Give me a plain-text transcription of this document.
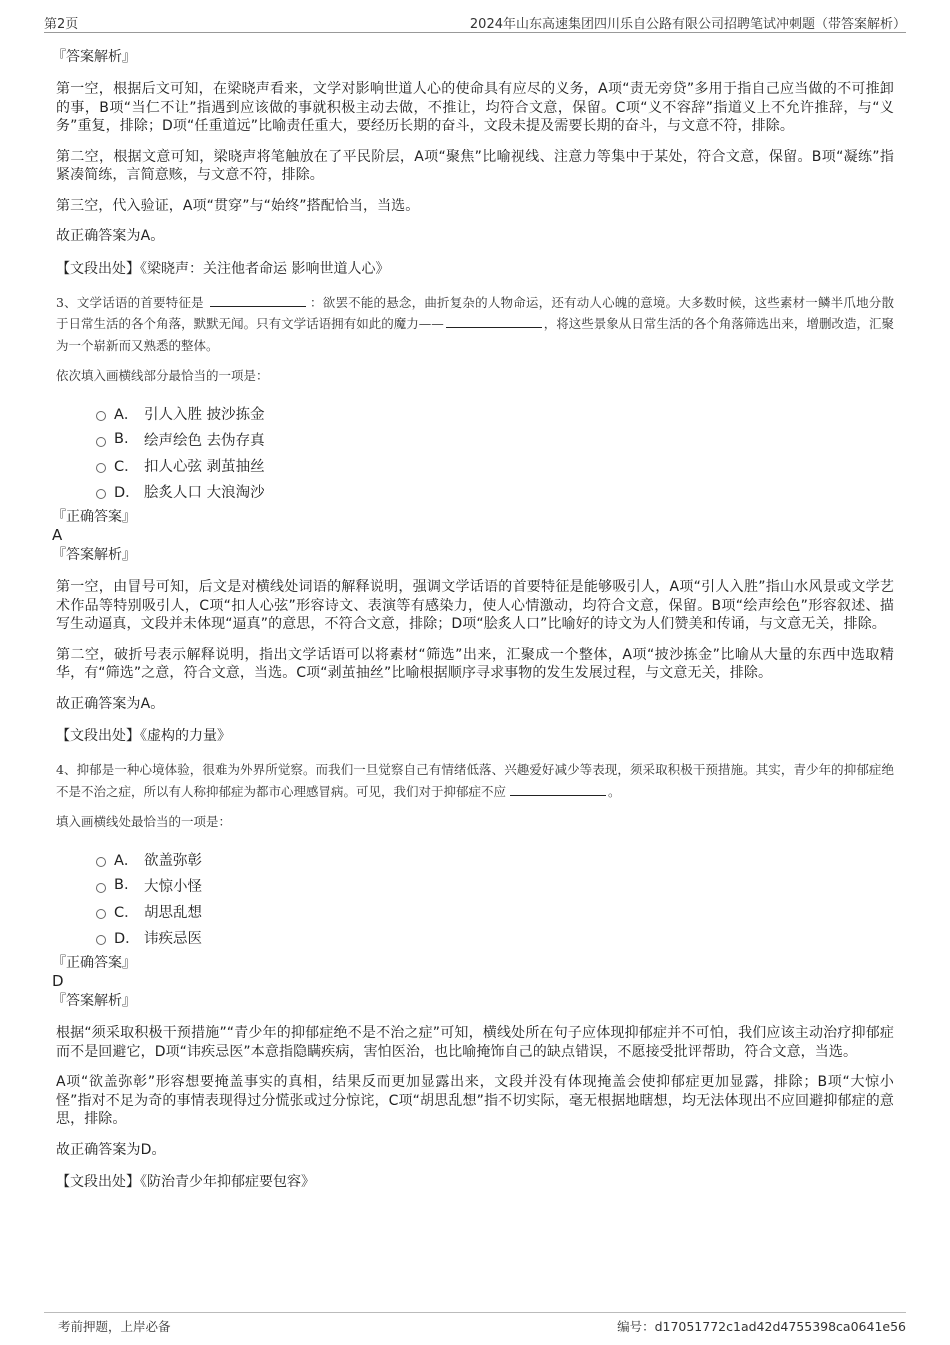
第2页	2024年山东高速集团四川乐自公路有限公司招聘笔试冲刺题（带答案解析）
『答案解析』

第一空，根据后文可知，在梁晓声看来，文学对影响世道人心的使命具有应尽的义务，A项“责无旁贷”多用于指自己应当做的不可推卸的事，B项“当仁不让”指遇到应该做的事就积极主动去做，不推让，均符合文意，保留。C项“义不容辞”指道义上不允许推辞，与“义务”重复，排除；D项“任重道远”比喻责任重大，要经历长期的奋斗，文段未提及需要长期的奋斗，与文意不符，排除。

第二空，根据文意可知，梁晓声将笔触放在了平民阶层，A项“聚焦”比喻视线、注意力等集中于某处，符合文意，保留。B项“凝练”指紧凑简练，言简意赅，与文意不符，排除。

第三空，代入验证，A项“贯穿”与“始终”搭配恰当，当选。

故正确答案为A。

【文段出处】《梁晓声：关注他者命运 影响世道人心》

3、文学话语的首要特征是	：欲罢不能的悬念，曲折复杂的人物命运，还有动人心魄的意境。大多数时候，这些素材一鳞半爪地分散于日常生活的各个角落，默默无闻。只有文学话语拥有如此的魔力——	，将这些景象从日常生活的各个角落筛选出来，增删改造，汇聚为一个崭新而又熟悉的整体。
依次填入画横线部分最恰当的一项是：
A． 引人入胜 披沙拣金
B.	绘声绘色 去伪存真
C． 扣人心弦 剥茧抽丝
D． 脍炙人口 大浪淘沙
『正确答案』
A
『答案解析』

第一空，由冒号可知，后文是对横线处词语的解释说明，强调文学话语的首要特征是能够吸引人，A项“引人入胜”指山水风景或文学艺术作品等特别吸引人，C项“扣人心弦”形容诗文、表演等有感染力，使人心情激动，均符合文意，保留。B项“绘声绘色”形容叙述、描写生动逼真，文段并未体现“逼真”的意思，不符合文意，排除；D项“脍炙人口”比喻好的诗文为人们赞美和传诵，与文意无关，排除。

第二空，破折号表示解释说明，指出文学话语可以将素材“筛选”出来，汇聚成一个整体，A项“披沙拣金”比喻从大量的东西中选取精华，有“筛选”之意，符合文意，当选。C项“剥茧抽丝”比喻根据顺序寻求事物的发生发展过程，与文意无关，排除。

故正确答案为A。

【文段出处】《虚构的力量》

4、抑郁是一种心境体验，很难为外界所觉察。而我们一旦觉察自己有情绪低落、兴趣爱好减少等表现，须采取积极干预措施。其实，青少年的抑郁症绝不是不治之症，所以有人称抑郁症为都市心理感冒病。可见，我们对于抑郁症不应	。
填入画横线处最恰当的一项是：
A． 欲盖弥彰
B.	大惊小怪
C． 胡思乱想
D． 讳疾忌医
『正确答案』
D
『答案解析』

根据“须采取积极干预措施”“青少年的抑郁症绝不是不治之症”可知，横线处所在句子应体现抑郁症并不可怕，我们应该主动治疗抑郁症而不是回避它，D项“讳疾忌医”本意指隐瞒疾病，害怕医治，也比喻掩饰自己的缺点错误，不愿接受批评帮助，符合文意，当选。

A项“欲盖弥彰”形容想要掩盖事实的真相，结果反而更加显露出来，文段并没有体现掩盖会使抑郁症更加显露，排除；B项“大惊小怪”指对不足为奇的事情表现得过分慌张或过分惊诧，C项“胡思乱想”指不切实际，毫无根据地瞎想，均无法体现出不应回避抑郁症的意思，排除。

故正确答案为D。

【文段出处】《防治青少年抑郁症要包容》

考前押题，上岸必备	编号：d17051772c1ad42d4755398ca0641e56
